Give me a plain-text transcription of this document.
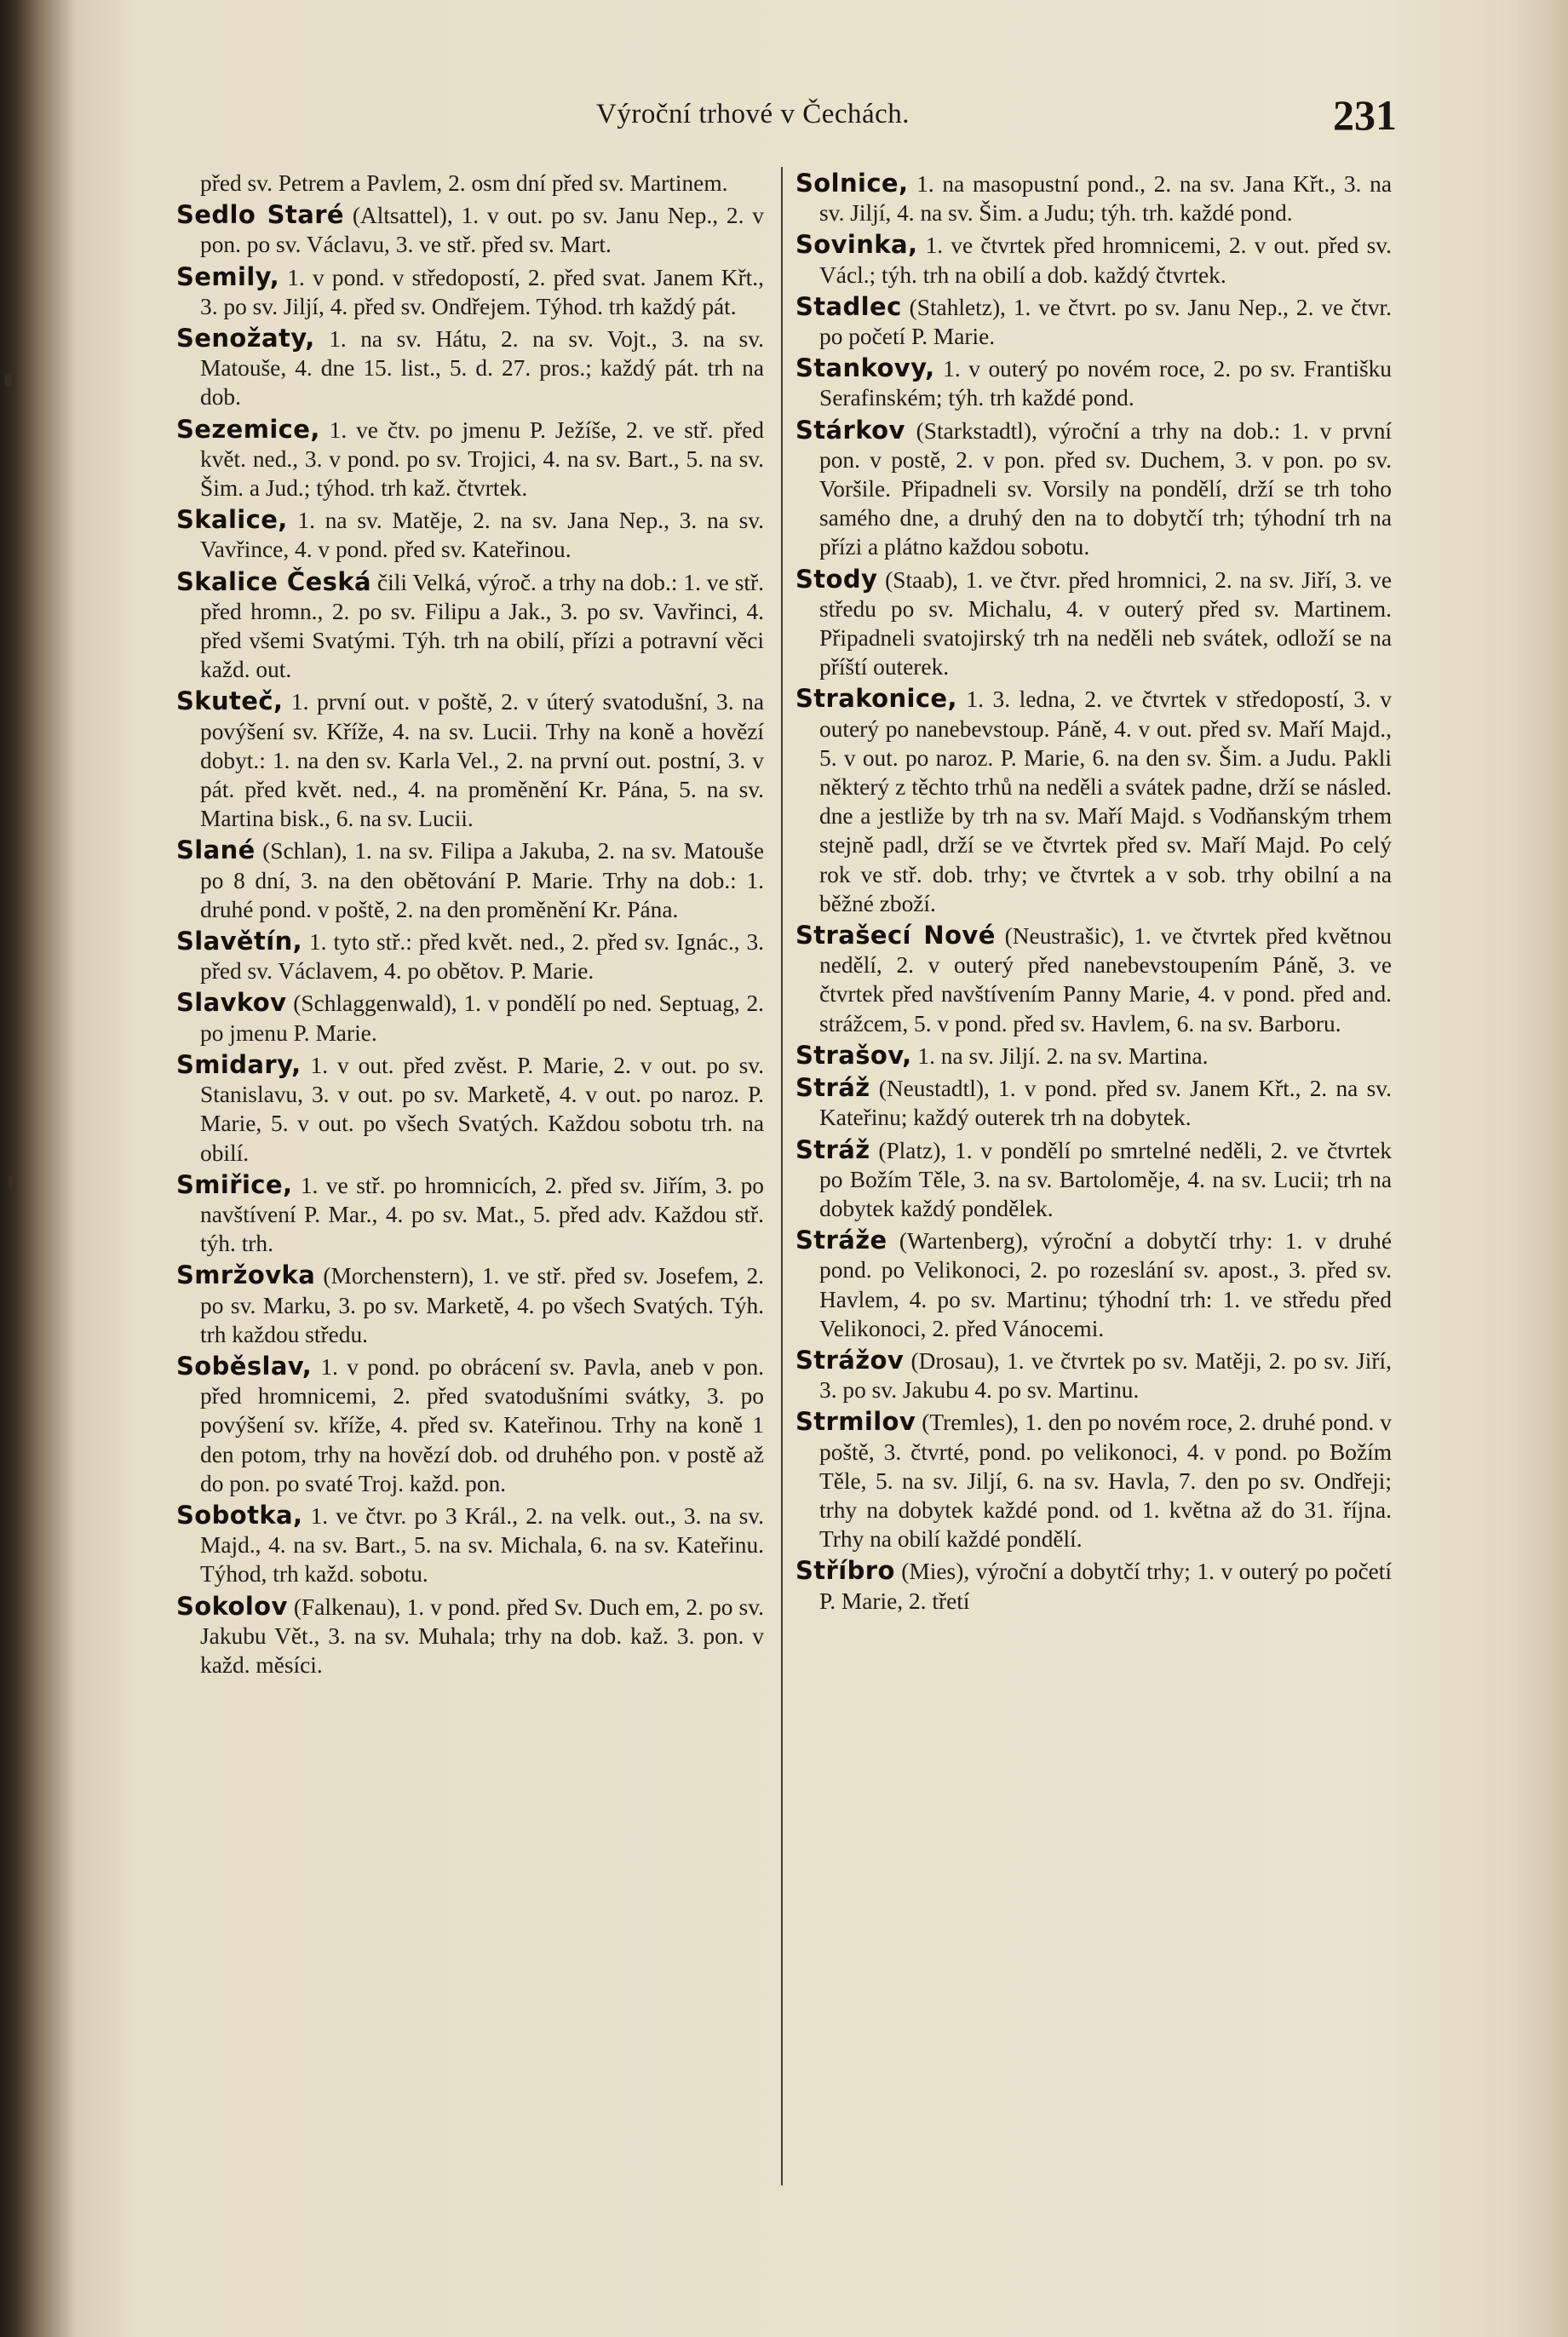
Výroční trhové v Čechách.	231

před sv. Petrem a Pavlem, 2. osm dní před sv. Martinem.

Sedlo Staré (Altsattel), 1. v out. po sv. Janu Nep., 2. v pon. po sv. Václavu, 3. ve stř. před sv. Mart.

Semily, 1. v pond. v středopostí, 2. před svat. Janem Křt., 3. po sv. Jiljí, 4. před sv. Ondřejem. Týhod. trh každý pát.

Senožaty, 1. na sv. Hátu, 2. na sv. Vojt., 3. na sv. Matouše, 4. dne 15. list., 5. d. 27. pros.; každý pát. trh na dob.

Sezemice, 1. ve čtv. po jmenu P. Ježíše, 2. ve stř. před květ. ned., 3. v pond. po sv. Trojici, 4. na sv. Bart., 5. na sv. Šim. a Jud.; týhod. trh kaž. čtvrtek.

Skalice, 1. na sv. Matěje, 2. na sv. Jana Nep., 3. na sv. Vavřince, 4. v pond. před sv. Kateřinou.

Skalice Česká čili Velká, výroč. a trhy na dob.: 1. ve stř. před hromn., 2. po sv. Filipu a Jak., 3. po sv. Vavřinci, 4. před všemi Svatými. Týh. trh na obilí, přízi a potravní věci každ. out.

Skuteč, 1. první out. v poště, 2. v úterý svatodušní, 3. na povýšení sv. Kříže, 4. na sv. Lucii. Trhy na koně a hovězí dobyt.: 1. na den sv. Karla Vel., 2. na první out. postní, 3. v pát. před květ. ned., 4. na proměnění Kr. Pána, 5. na sv. Martina bisk., 6. na sv. Lucii.

Slané (Schlan), 1. na sv. Filipa a Jakuba, 2. na sv. Matouše po 8 dní, 3. na den obětování P. Marie. Trhy na dob.: 1. druhé pond. v poště, 2. na den proměnění Kr. Pána.

Slavětín, 1. tyto stř.: před květ. ned., 2. před sv. Ignác., 3. před sv. Václavem, 4. po obětov. P. Marie.

Slavkov (Schlaggenwald), 1. v pondělí po ned. Septuag, 2. po jmenu P. Marie.

Smidary, 1. v out. před zvěst. P. Marie, 2. v out. po sv. Stanislavu, 3. v out. po sv. Marketě, 4. v out. po naroz. P. Marie, 5. v out. po všech Svatých. Každou sobotu trh. na obilí.

Smiřice, 1. ve stř. po hromnicích, 2. před sv. Jiřím, 3. po navštívení P. Mar., 4. po sv. Mat., 5. před adv. Každou stř. týh. trh.

Smržovka (Morchenstern), 1. ve stř. před sv. Josefem, 2. po sv. Marku, 3. po sv. Marketě, 4. po všech Svatých. Týh. trh každou středu.

Soběslav, 1. v pond. po obrácení sv. Pavla, aneb v pon. před hromnicemi, 2. před svatodušními svátky, 3. po povýšení sv. kříže, 4. před sv. Kateřinou. Trhy na koně 1 den potom, trhy na hovězí dob. od druhého pon. v postě až do pon. po svaté Troj. každ. pon.

Sobotka, 1. ve čtvr. po 3 Král., 2. na velk. out., 3. na sv. Majd., 4. na sv. Bart., 5. na sv. Michala, 6. na sv. Kateřinu. Týhod, trh každ. sobotu.

Sokolov (Falkenau), 1. v pond. před Sv. Duch em, 2. po sv. Jakubu Vět., 3. na sv. Muhala; trhy na dob. kaž. 3. pon. v každ. měsíci.

Solnice, 1. na masopustní pond., 2. na sv. Jana Křt., 3. na sv. Jiljí, 4. na sv. Šim. a Judu; týh. trh. každé pond.

Sovinka, 1. ve čtvrtek před hromnicemi, 2. v out. před sv. Václ.; týh. trh na obilí a dob. každý čtvrtek.

Stadlec (Stahletz), 1. ve čtvrt. po sv. Janu Nep., 2. ve čtvr. po početí P. Marie.

Stankovy, 1. v outerý po novém roce, 2. po sv. Františku Serafinském; týh. trh každé pond.

Stárkov (Starkstadtl), výroční a trhy na dob.: 1. v první pon. v postě, 2. v pon. před sv. Duchem, 3. v pon. po sv. Voršile. Připadneli sv. Vorsily na pondělí, drží se trh toho samého dne, a druhý den na to dobytčí trh; týhodní trh na přízi a plátno každou sobotu.

Stody (Staab), 1. ve čtvr. před hromnici, 2. na sv. Jiří, 3. ve středu po sv. Michalu, 4. v outerý před sv. Martinem. Připadneli svatojirský trh na neděli neb svátek, odloží se na příští outerek.

Strakonice, 1. 3. ledna, 2. ve čtvrtek v středopostí, 3. v outerý po nanebevstoup. Páně, 4. v out. před sv. Maří Majd., 5. v out. po naroz. P. Marie, 6. na den sv. Šim. a Judu. Pakli některý z těchto trhů na neděli a svátek padne, drží se násled. dne a jestliže by trh na sv. Maří Majd. s Vodňanským trhem stejně padl, drží se ve čtvrtek před sv. Maří Majd. Po celý rok ve stř. dob. trhy; ve čtvrtek a v sob. trhy obilní a na běžné zboží.

Strašecí Nové (Neustrašic), 1. ve čtvrtek před květnou nedělí, 2. v outerý před nanebevstoupením Páně, 3. ve čtvrtek před navštívením Panny Marie, 4. v pond. před and. strážcem, 5. v pond. před sv. Havlem, 6. na sv. Barboru.

Strašov, 1. na sv. Jiljí. 2. na sv. Martina.

Stráž (Neustadtl), 1. v pond. před sv. Janem Křt., 2. na sv. Kateřinu; každý outerek trh na dobytek.

Stráž (Platz), 1. v pondělí po smrtelné neděli, 2. ve čtvrtek po Božím Těle, 3. na sv. Bartoloměje, 4. na sv. Lucii; trh na dobytek každý pondělek.

Stráže (Wartenberg), výroční a dobytčí trhy: 1. v druhé pond. po Velikonoci, 2. po rozeslání sv. apost., 3. před sv. Havlem, 4. po sv. Martinu; týhodní trh: 1. ve středu před Velikonoci, 2. před Vánocemi.

Strážov (Drosau), 1. ve čtvrtek po sv. Matěji, 2. po sv. Jiří, 3. po sv. Jakubu 4. po sv. Martinu.

Strmilov (Tremles), 1. den po novém roce, 2. druhé pond. v poště, 3. čtvrté, pond. po velikonoci, 4. v pond. po Božím Těle, 5. na sv. Jiljí, 6. na sv. Havla, 7. den po sv. Ondřeji; trhy na dobytek každé pond. od 1. května až do 31. října. Trhy na obilí každé pondělí.

Stříbro (Mies), výroční a dobytčí trhy; 1. v outerý po početí P. Marie, 2. třetí
